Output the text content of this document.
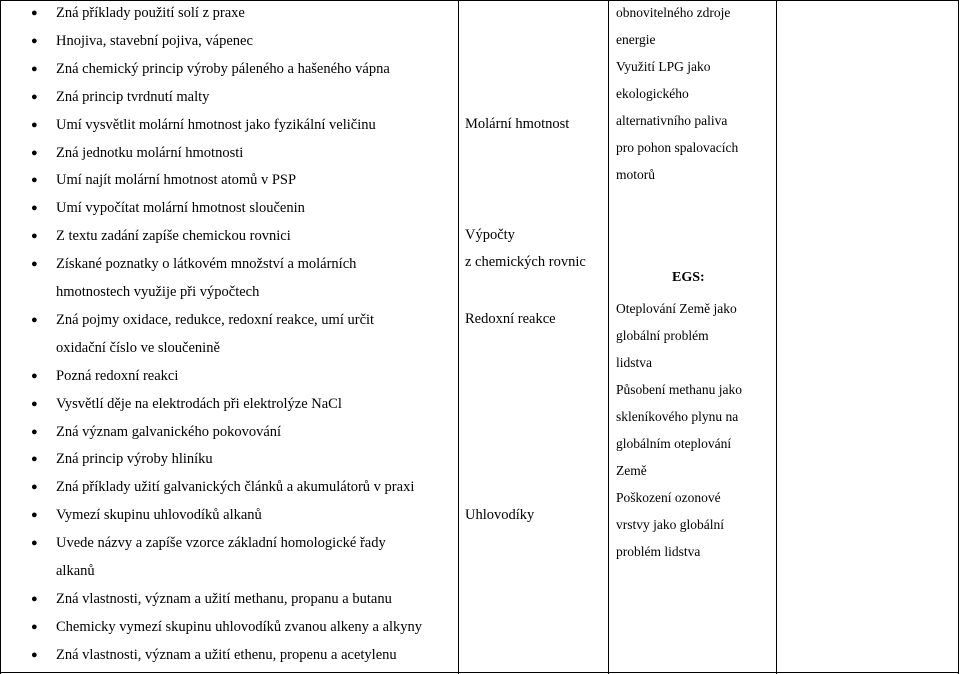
● Zná příklady použití solí z praxe
● Hnojiva, stavební pojiva, vápenec
● Zná chemický princip výroby páleného a hašeného vápna
● Zná princip tvrdnutí malty
● Umí vysvětlit molární hmotnost jako fyzikální veličinu
● Zná jednotku molární hmotnosti
● Umí najít molární hmotnost atomů v PSP
● Umí vypočítat molární hmotnost sloučenin
● Z textu zadání zapíše chemickou rovnici
● Získané poznatky o látkovém množství a molárních
hmotnostech využije při výpočtech
● Zná pojmy oxidace, redukce, redoxní reakce, umí určit
oxidační číslo ve sloučenině
● Pozná redoxní reakci
● Vysvětlí děje na elektrodách při elektrolýze NaCl
● Zná význam galvanického pokovování
● Zná princip výroby hliníku
● Zná příklady užití galvanických článků a akumulátorů v praxi
● Vymezí skupinu uhlovodíků alkanů
● Uvede názvy a zapíše vzorce základní homologické řady
alkanů
● Zná vlastnosti, význam a užití methanu, propanu a butanu
● Chemicky vymezí skupinu uhlovodíků zvanou alkeny a alkyny
● Zná vlastnosti, význam a užití ethenu, propenu a acetylenu
Molární hmotnost
Výpočty
z chemických rovnic
Redoxní reakce
Uhlovodíky
obnovitelného zdroje
energie
Využití LPG jako
ekologického
alternativního paliva
pro pohon spalovacích
motorů
EGS:
Oteplování Země jako
globální problém
lidstva
Působení methanu jako
skleníkového plynu na
globálním oteplování
Země
Poškození ozonové
vrstvy jako globální
problém lidstva
